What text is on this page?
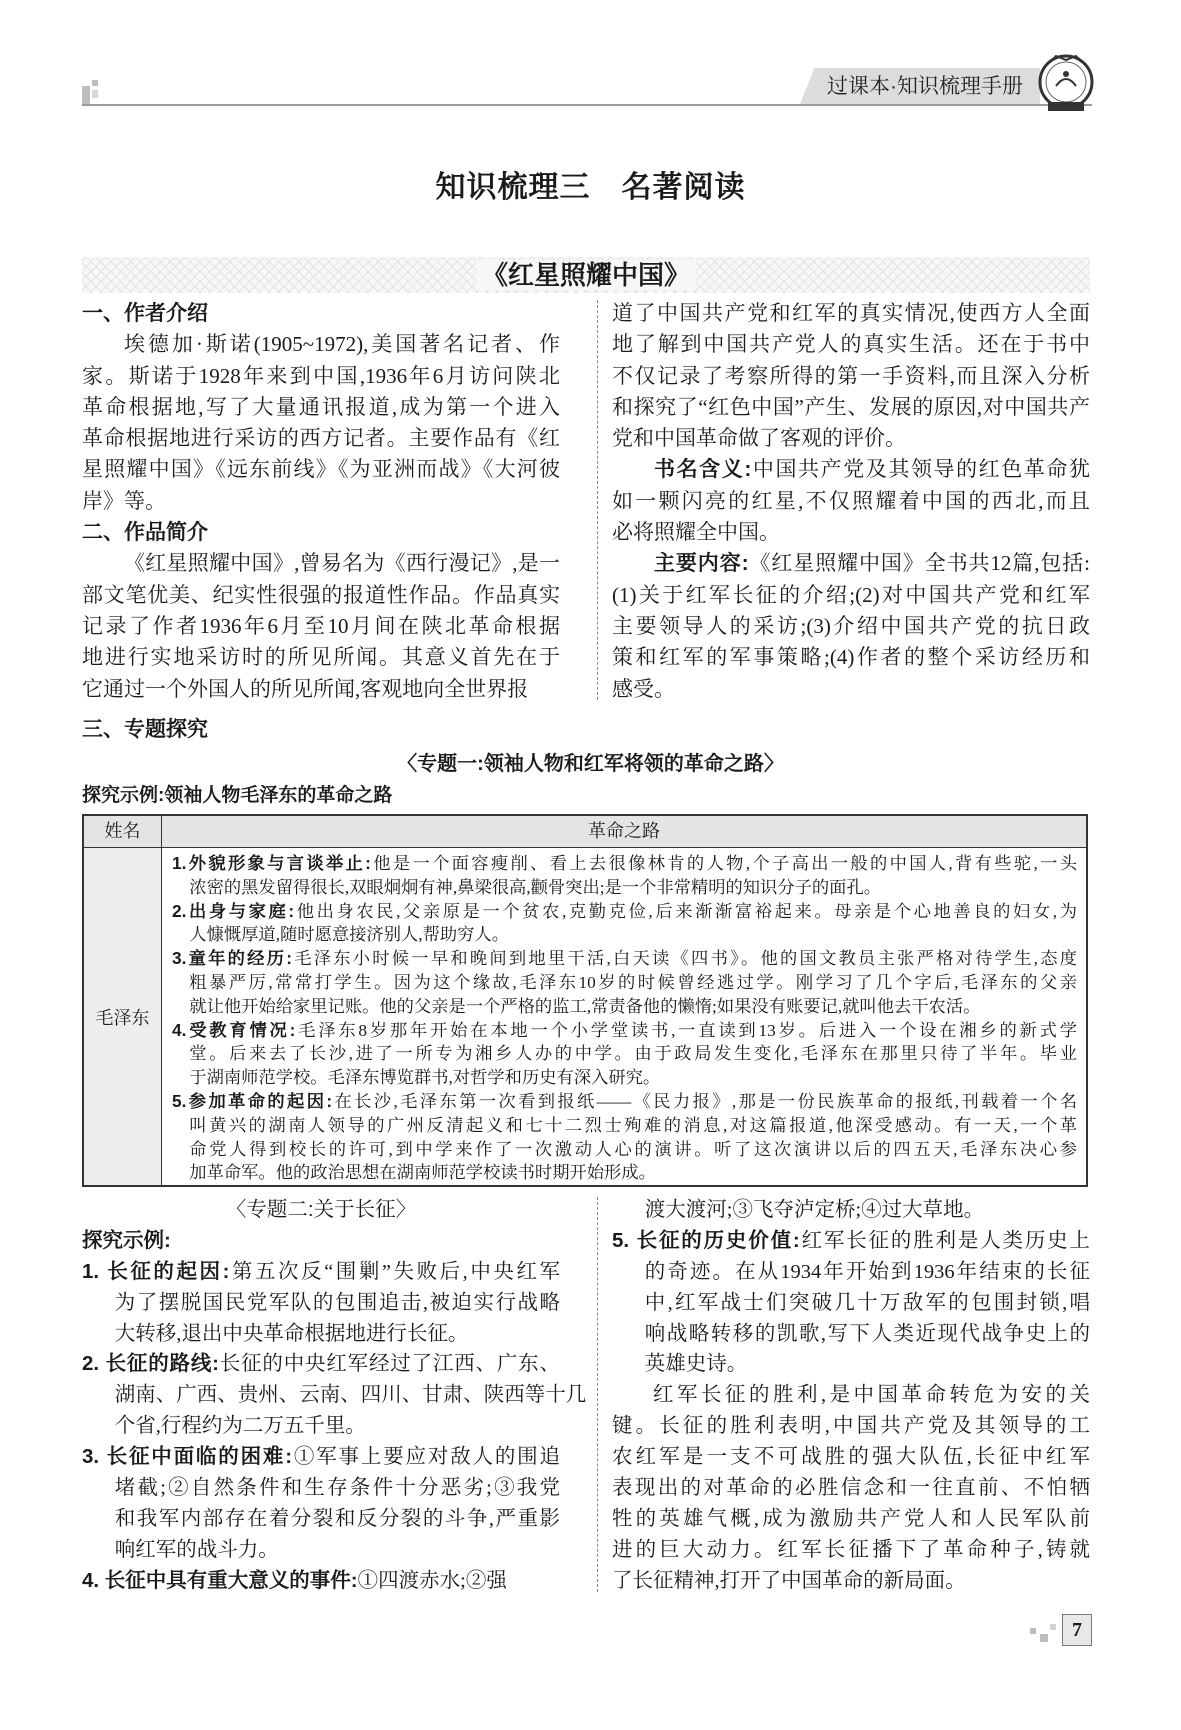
过课本·知识梳理手册
知识梳理三　名著阅读
《红星照耀中国》
一、作者介绍
埃德加·斯诺(1905~1972),美国著名记者、作
家。斯诺于1928年来到中国,1936年6月访问陕北
革命根据地,写了大量通讯报道,成为第一个进入
革命根据地进行采访的西方记者。主要作品有《红
星照耀中国》《远东前线》《为亚洲而战》《大河彼
岸》等。
二、作品简介
《红星照耀中国》,曾易名为《西行漫记》,是一
部文笔优美、纪实性很强的报道性作品。作品真实
记录了作者1936年6月至10月间在陕北革命根据
地进行实地采访时的所见所闻。其意义首先在于
它通过一个外国人的所见所闻,客观地向全世界报
道了中国共产党和红军的真实情况,使西方人全面
地了解到中国共产党人的真实生活。还在于书中
不仅记录了考察所得的第一手资料,而且深入分析
和探究了“红色中国”产生、发展的原因,对中国共产
党和中国革命做了客观的评价。
书名含义:中国共产党及其领导的红色革命犹
如一颗闪亮的红星,不仅照耀着中国的西北,而且
必将照耀全中国。
主要内容:《红星照耀中国》全书共12篇,包括:
(1)关于红军长征的介绍;(2)对中国共产党和红军
主要领导人的采访;(3)介绍中国共产党的抗日政
策和红军的军事策略;(4)作者的整个采访经历和
感受。
三、专题探究
〈专题一:领袖人物和红军将领的革命之路〉
探究示例:领袖人物毛泽东的革命之路
姓名	革命之路
毛泽东
1.外貌形象与言谈举止:他是一个面容瘦削、看上去很像林肯的人物,个子高出一般的中国人,背有些驼,一头
浓密的黑发留得很长,双眼炯炯有神,鼻梁很高,颧骨突出;是一个非常精明的知识分子的面孔。
2.出身与家庭:他出身农民,父亲原是一个贫农,克勤克俭,后来渐渐富裕起来。母亲是个心地善良的妇女,为
人慷慨厚道,随时愿意接济别人,帮助穷人。
3.童年的经历:毛泽东小时候一早和晚间到地里干活,白天读《四书》。他的国文教员主张严格对待学生,态度
粗暴严厉,常常打学生。因为这个缘故,毛泽东10岁的时候曾经逃过学。刚学习了几个字后,毛泽东的父亲
就让他开始给家里记账。他的父亲是一个严格的监工,常责备他的懒惰;如果没有账要记,就叫他去干农活。
4.受教育情况:毛泽东8岁那年开始在本地一个小学堂读书,一直读到13岁。后进入一个设在湘乡的新式学
堂。后来去了长沙,进了一所专为湘乡人办的中学。由于政局发生变化,毛泽东在那里只待了半年。毕业
于湖南师范学校。毛泽东博览群书,对哲学和历史有深入研究。
5.参加革命的起因:在长沙,毛泽东第一次看到报纸——《民力报》,那是一份民族革命的报纸,刊载着一个名
叫黄兴的湖南人领导的广州反清起义和七十二烈士殉难的消息,对这篇报道,他深受感动。有一天,一个革
命党人得到校长的许可,到中学来作了一次激动人心的演讲。听了这次演讲以后的四五天,毛泽东决心参
加革命军。他的政治思想在湖南师范学校读书时期开始形成。
〈专题二:关于长征〉
探究示例:
1. 长征的起因:第五次反“围剿”失败后,中央红军
为了摆脱国民党军队的包围追击,被迫实行战略
大转移,退出中央革命根据地进行长征。
2. 长征的路线:长征的中央红军经过了江西、广东、
湖南、广西、贵州、云南、四川、甘肃、陕西等十几
个省,行程约为二万五千里。
3. 长征中面临的困难:①军事上要应对敌人的围追
堵截;②自然条件和生存条件十分恶劣;③我党
和我军内部存在着分裂和反分裂的斗争,严重影
响红军的战斗力。
4. 长征中具有重大意义的事件:①四渡赤水;②强
渡大渡河;③飞夺泸定桥;④过大草地。
5. 长征的历史价值:红军长征的胜利是人类历史上
的奇迹。在从1934年开始到1936年结束的长征
中,红军战士们突破几十万敌军的包围封锁,唱
响战略转移的凯歌,写下人类近现代战争史上的
英雄史诗。
红军长征的胜利,是中国革命转危为安的关
键。长征的胜利表明,中国共产党及其领导的工
农红军是一支不可战胜的强大队伍,长征中红军
表现出的对革命的必胜信念和一往直前、不怕牺
牲的英雄气概,成为激励共产党人和人民军队前
进的巨大动力。红军长征播下了革命种子,铸就
了长征精神,打开了中国革命的新局面。
7
